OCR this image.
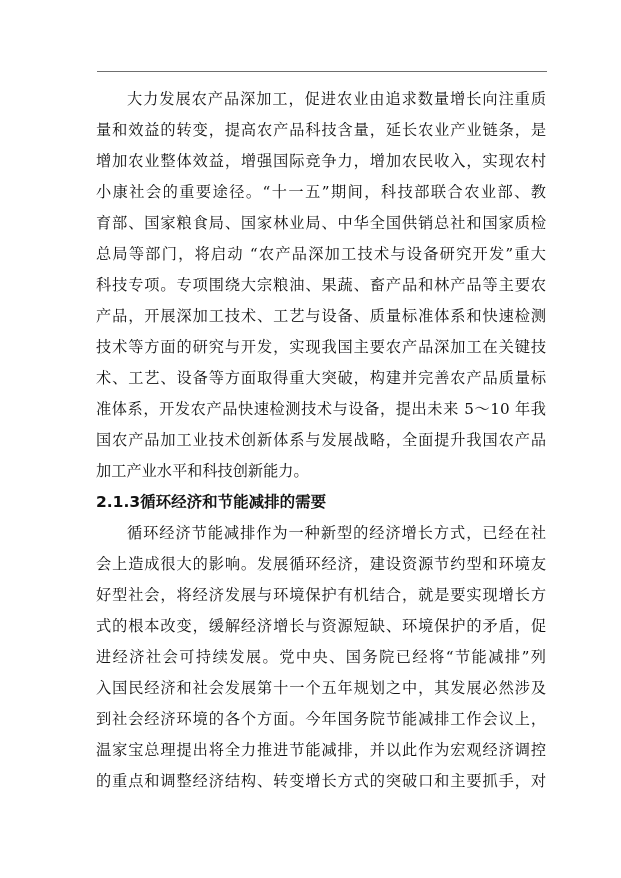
大力发展农产品深加工，促进农业由追求数量增长向注重质
量和效益的转变，提高农产品科技含量，延长农业产业链条，是
增加农业整体效益，增强国际竞争力，增加农民收入，实现农村
小康社会的重要途径。“十一五”期间，科技部联合农业部、教
育部、国家粮食局、国家林业局、中华全国供销总社和国家质检
总局等部门，将启动 “农产品深加工技术与设备研究开发”重大
科技专项。专项围绕大宗粮油、果蔬、畜产品和林产品等主要农
产品，开展深加工技术、工艺与设备、质量标准体系和快速检测
技术等方面的研究与开发，实现我国主要农产品深加工在关键技
术、工艺、设备等方面取得重大突破，构建并完善农产品质量标
准体系，开发农产品快速检测技术与设备，提出未来 5～10 年我
国农产品加工业技术创新体系与发展战略，全面提升我国农产品
加工产业水平和科技创新能力。
2.1.3循环经济和节能减排的需要
循环经济节能减排作为一种新型的经济增长方式，已经在社
会上造成很大的影响。发展循环经济，建设资源节约型和环境友
好型社会，将经济发展与环境保护有机结合，就是要实现增长方
式的根本改变，缓解经济增长与资源短缺、环境保护的矛盾，促
进经济社会可持续发展。党中央、国务院已经将“节能减排”列
入国民经济和社会发展第十一个五年规划之中，其发展必然涉及
到社会经济环境的各个方面。今年国务院节能减排工作会议上，
温家宝总理提出将全力推进节能减排，并以此作为宏观经济调控
的重点和调整经济结构、转变增长方式的突破口和主要抓手，对
